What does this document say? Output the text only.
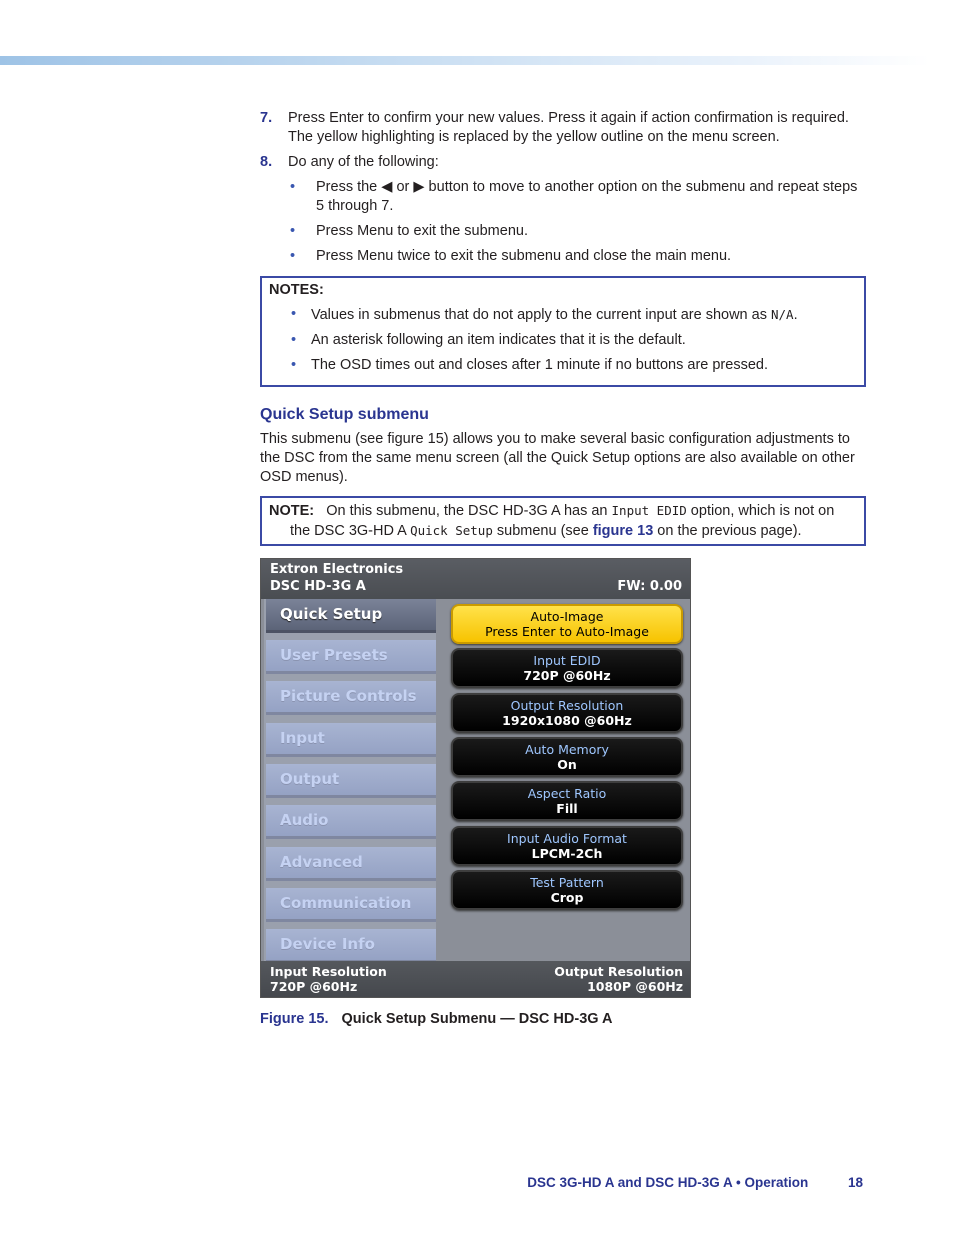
7. Press Enter to confirm your new values. Press it again if action confirmation is required. The yellow highlighting is replaced by the yellow outline on the menu screen.
8. Do any of the following:
• Press the ◀ or ▶ button to move to another option on the submenu and repeat steps 5 through 7.
• Press Menu to exit the submenu.
• Press Menu twice to exit the submenu and close the main menu.
NOTES:
• Values in submenus that do not apply to the current input are shown as N/A.
• An asterisk following an item indicates that it is the default.
• The OSD times out and closes after 1 minute if no buttons are pressed.
Quick Setup submenu
This submenu (see figure 15) allows you to make several basic configuration adjustments to the DSC from the same menu screen (all the Quick Setup options are also available on other OSD menus).
NOTE: On this submenu, the DSC HD-3G A has an Input EDID option, which is not on the DSC 3G-HD A Quick Setup submenu (see figure 13 on the previous page).
Extron Electronics
DSC HD-3G A	FW: 0.00
Quick Setup
User Presets
Picture Controls
Input
Output
Audio
Advanced
Communication
Device Info
Auto-Image
Press Enter to Auto-Image
Input EDID
720P @60Hz
Output Resolution
1920x1080 @60Hz
Auto Memory
On
Aspect Ratio
Fill
Input Audio Format
LPCM-2Ch
Test Pattern
Crop
Input Resolution
720P @60Hz
Output Resolution
1080P @60Hz
Figure 15. Quick Setup Submenu — DSC HD-3G A
DSC 3G-HD A and DSC HD-3G A • Operation	18
